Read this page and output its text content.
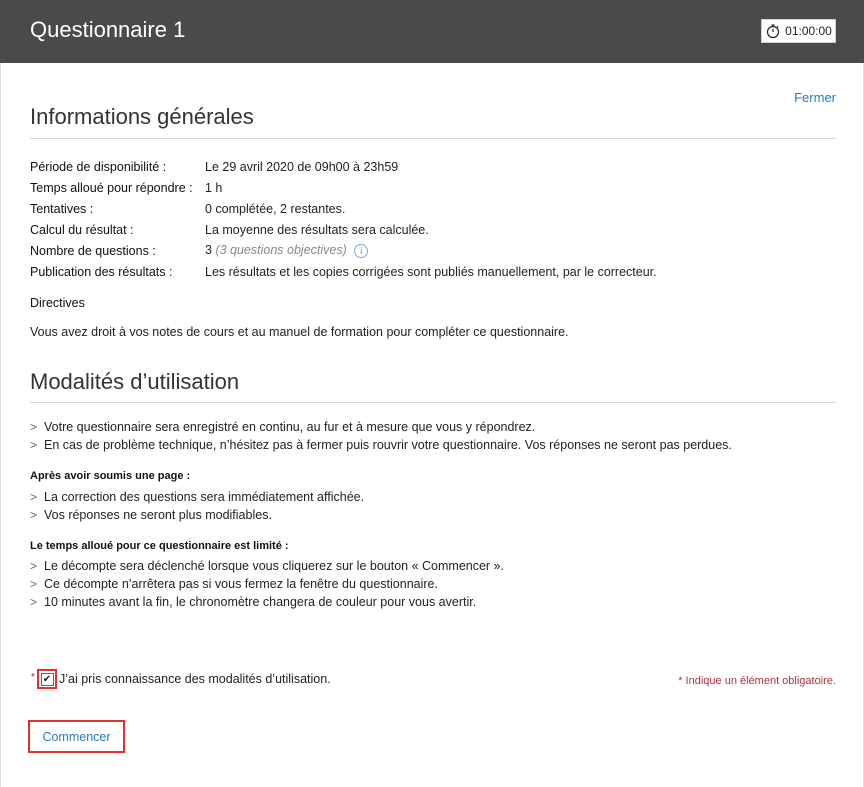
Questionnaire 1	01:00:00
Fermer
Informations générales
Période de disponibilité :	Le 29 avril 2020 de 09h00 à 23h59
Temps alloué pour répondre : 1 h
Tentatives :	0 complétée, 2 restantes.
Calcul du résultat :	La moyenne des résultats sera calculée.
Nombre de questions :	3 (3 questions objectives) i
Publication des résultats :	Les résultats et les copies corrigées sont publiés manuellement, par le correcteur.
Directives
Vous avez droit à vos notes de cours et au manuel de formation pour compléter ce questionnaire.
Modalités d’utilisation
> Votre questionnaire sera enregistré en continu, au fur et à mesure que vous y répondrez.
> En cas de problème technique, n’hésitez pas à fermer puis rouvrir votre questionnaire. Vos réponses ne seront pas perdues.
Après avoir soumis une page :
> La correction des questions sera immédiatement affichée.
> Vos réponses ne seront plus modifiables.
Le temps alloué pour ce questionnaire est limité :
> Le décompte sera déclenché lorsque vous cliquerez sur le bouton « Commencer ».
> Ce décompte n’arrêtera pas si vous fermez la fenêtre du questionnaire.
> 10 minutes avant la fin, le chronomètre changera de couleur pour vous avertir.
* ✔ J’ai pris connaissance des modalités d’utilisation.	* Indique un élément obligatoire.
Commencer
